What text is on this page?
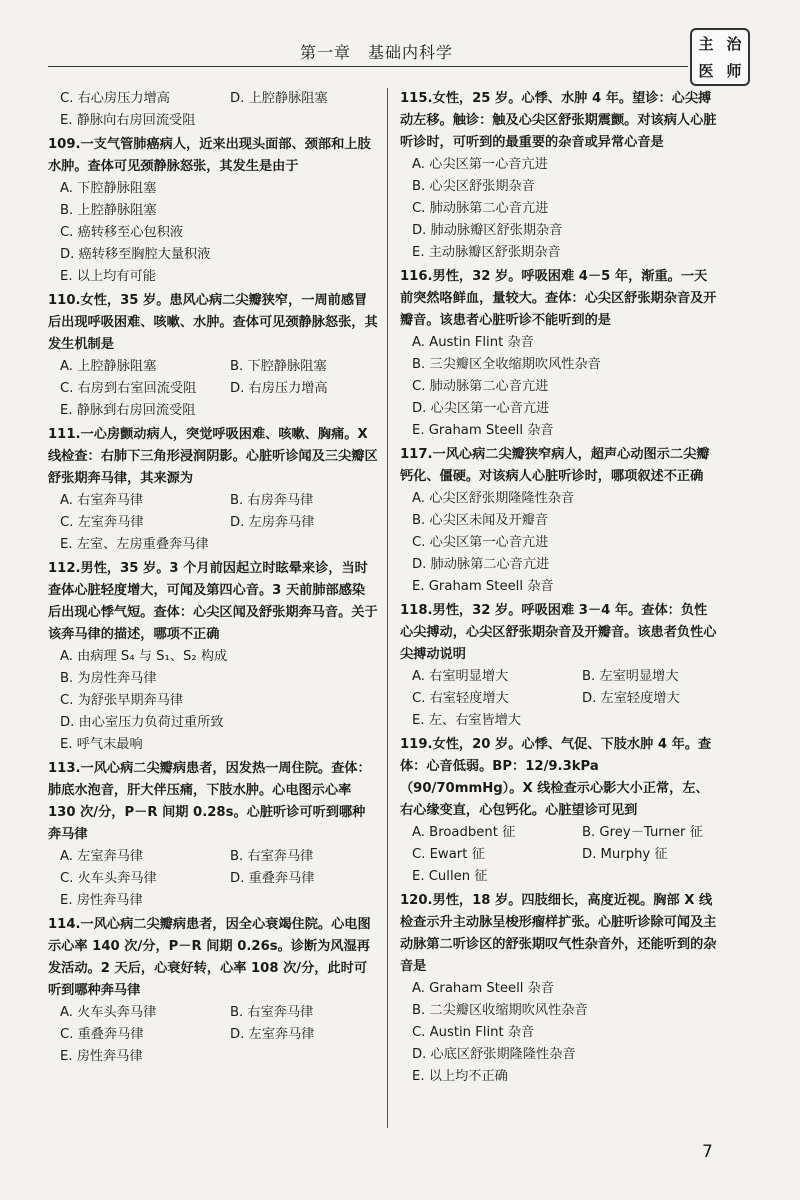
第一章　基础内科学	主 治
医 师
C. 右心房压力增高	D. 上腔静脉阻塞
E. 静脉向右房回流受阻
109.一支气管肺癌病人，近来出现头面部、颈部和上肢水肿。查体可见颈静脉怒张，其发生是由于
A. 下腔静脉阻塞
B. 上腔静脉阻塞
C. 癌转移至心包积液
D. 癌转移至胸腔大量积液
E. 以上均有可能
110.女性，35 岁。患风心病二尖瓣狭窄，一周前感冒后出现呼吸困难、咳嗽、水肿。查体可见颈静脉怒张，其发生机制是
A. 上腔静脉阻塞	B. 下腔静脉阻塞
C. 右房到右室回流受阻	D. 右房压力增高
E. 静脉到右房回流受阻
111.一心房颤动病人，突觉呼吸困难、咳嗽、胸痛。X 线检查：右肺下三角形浸润阴影。心脏听诊闻及三尖瓣区舒张期奔马律，其来源为
A. 右室奔马律	B. 右房奔马律
C. 左室奔马律	D. 左房奔马律
E. 左室、左房重叠奔马律
112.男性，35 岁。3 个月前因起立时眩晕来诊，当时查体心脏轻度增大，可闻及第四心音。3 天前肺部感染后出现心悸气短。查体：心尖区闻及舒张期奔马音。关于该奔马律的描述，哪项不正确
A. 由病理 S₄ 与 S₁、S₂ 构成
B. 为房性奔马律
C. 为舒张早期奔马律
D. 由心室压力负荷过重所致
E. 呼气末最响
113.一风心病二尖瓣病患者，因发热一周住院。查体：肺底水泡音，肝大伴压痛，下肢水肿。心电图示心率 130 次/分，P－R 间期 0.28s。心脏听诊可听到哪种奔马律
A. 左室奔马律	B. 右室奔马律
C. 火车头奔马律	D. 重叠奔马律
E. 房性奔马律
114.一风心病二尖瓣病患者，因全心衰竭住院。心电图示心率 140 次/分，P－R 间期 0.26s。诊断为风湿再发活动。2 天后，心衰好转，心率 108 次/分，此时可听到哪种奔马律
A. 火车头奔马律	B. 右室奔马律
C. 重叠奔马律	D. 左室奔马律
E. 房性奔马律
115.女性，25 岁。心悸、水肿 4 年。望诊：心尖搏动左移。触诊：触及心尖区舒张期震颤。对该病人心脏听诊时，可听到的最重要的杂音或异常心音是
A. 心尖区第一心音亢进
B. 心尖区舒张期杂音
C. 肺动脉第二心音亢进
D. 肺动脉瓣区舒张期杂音
E. 主动脉瓣区舒张期杂音
116.男性，32 岁。呼吸困难 4－5 年，渐重。一天前突然咯鲜血，量较大。查体：心尖区舒张期杂音及开瓣音。该患者心脏听诊不能听到的是
A. Austin Flint 杂音
B. 三尖瓣区全收缩期吹风性杂音
C. 肺动脉第二心音亢进
D. 心尖区第一心音亢进
E. Graham Steell 杂音
117.一风心病二尖瓣狭窄病人，超声心动图示二尖瓣钙化、僵硬。对该病人心脏听诊时，哪项叙述不正确
A. 心尖区舒张期隆隆性杂音
B. 心尖区未闻及开瓣音
C. 心尖区第一心音亢进
D. 肺动脉第二心音亢进
E. Graham Steell 杂音
118.男性，32 岁。呼吸困难 3－4 年。查体：负性心尖搏动，心尖区舒张期杂音及开瓣音。该患者负性心尖搏动说明
A. 右室明显增大	B. 左室明显增大
C. 右室轻度增大	D. 左室轻度增大
E. 左、右室皆增大
119.女性，20 岁。心悸、气促、下肢水肿 4 年。查体：心音低弱。BP：12/9.3kPa（90/70mmHg）。X 线检查示心影大小正常，左、右心缘变直，心包钙化。心脏望诊可见到
A. Broadbent 征	B. Grey－Turner 征
C. Ewart 征	D. Murphy 征
E. Cullen 征
120.男性，18 岁。四肢细长，高度近视。胸部 X 线检查示升主动脉呈梭形瘤样扩张。心脏听诊除可闻及主动脉第二听诊区的舒张期叹气性杂音外，还能听到的杂音是
A. Graham Steell 杂音
B. 二尖瓣区收缩期吹风性杂音
C. Austin Flint 杂音
D. 心底区舒张期隆隆性杂音
E. 以上均不正确
7
